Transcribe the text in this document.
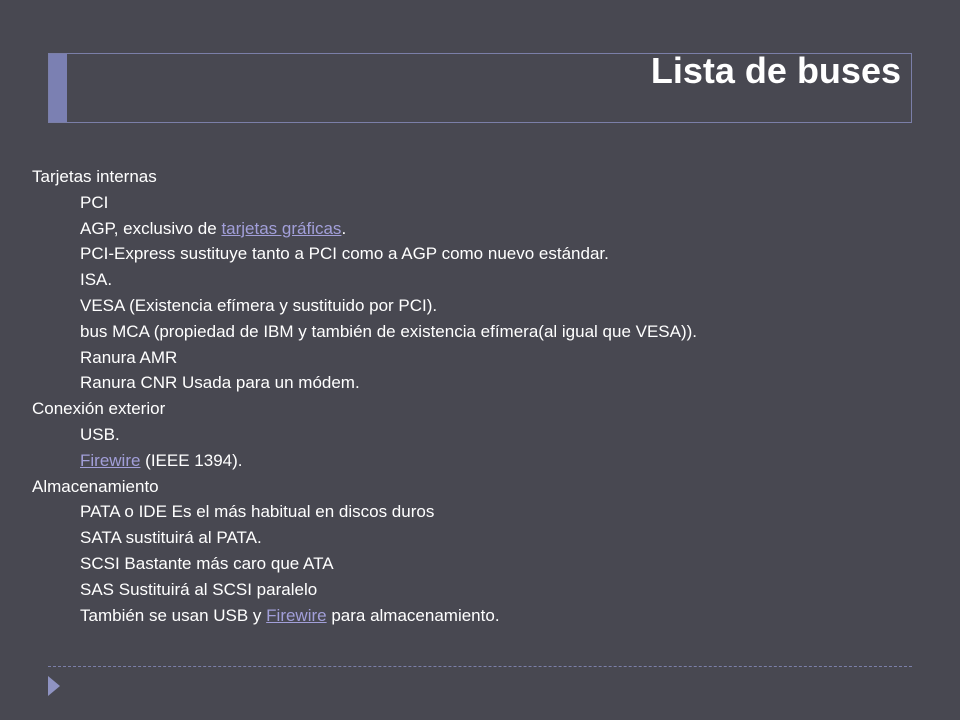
Lista de buses
Tarjetas internas
PCI
AGP, exclusivo de tarjetas gráficas.
PCI-Express sustituye tanto a PCI como a AGP como nuevo estándar.
ISA.
VESA (Existencia efímera y sustituido por PCI).
bus MCA (propiedad de IBM y también de existencia efímera(al igual que VESA)).
Ranura AMR
Ranura CNR Usada para un módem.
Conexión exterior
USB.
Firewire (IEEE 1394).
Almacenamiento
PATA o IDE Es el más habitual en discos duros
SATA sustituirá al PATA.
SCSI Bastante más caro que ATA
SAS Sustituirá al SCSI paralelo
También se usan USB y Firewire para almacenamiento.
